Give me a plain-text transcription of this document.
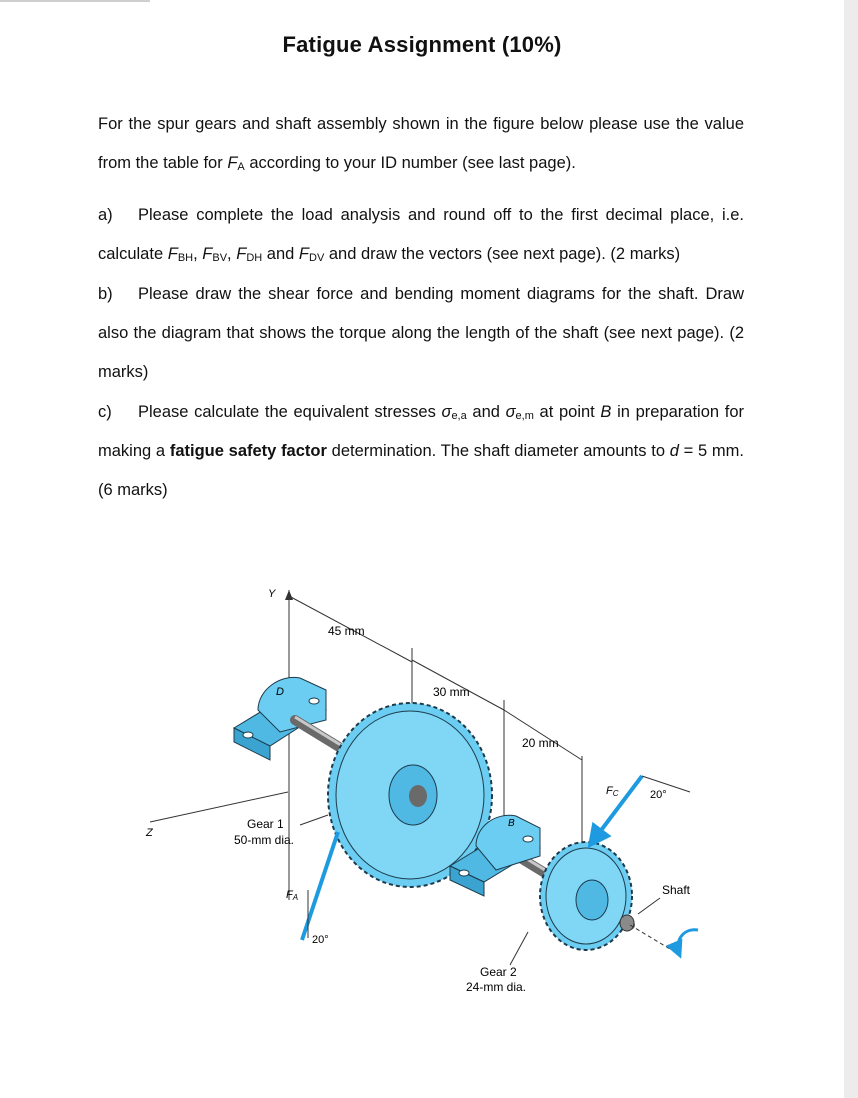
Fatigue Assignment (10%)

For the spur gears and shaft assembly shown in the figure below please use the value from the table for $F_A$ according to your ID number (see last page).

a) Please complete the load analysis and round off to the first decimal place, i.e. calculate $F_{BH}$, $F_{BV}$, $F_{DH}$ and $F_{DV}$ and draw the vectors (see next page). (2 marks)

b) Please draw the shear force and bending moment diagrams for the shaft. Draw also the diagram that shows the torque along the length of the shaft (see next page). (2 marks)

c) Please calculate the equivalent stresses $\sigma_{e,a}$ and $\sigma_{e,m}$ at point B in preparation for making a fatigue safety factor determination. The shaft diameter amounts to d = 5 mm. (6 marks)

Y
Z
45 mm
30 mm
20 mm
D
B
Gear 1
50-mm dia.
Gear 2
24-mm dia.
FA
20°
FC	20°
Shaft
